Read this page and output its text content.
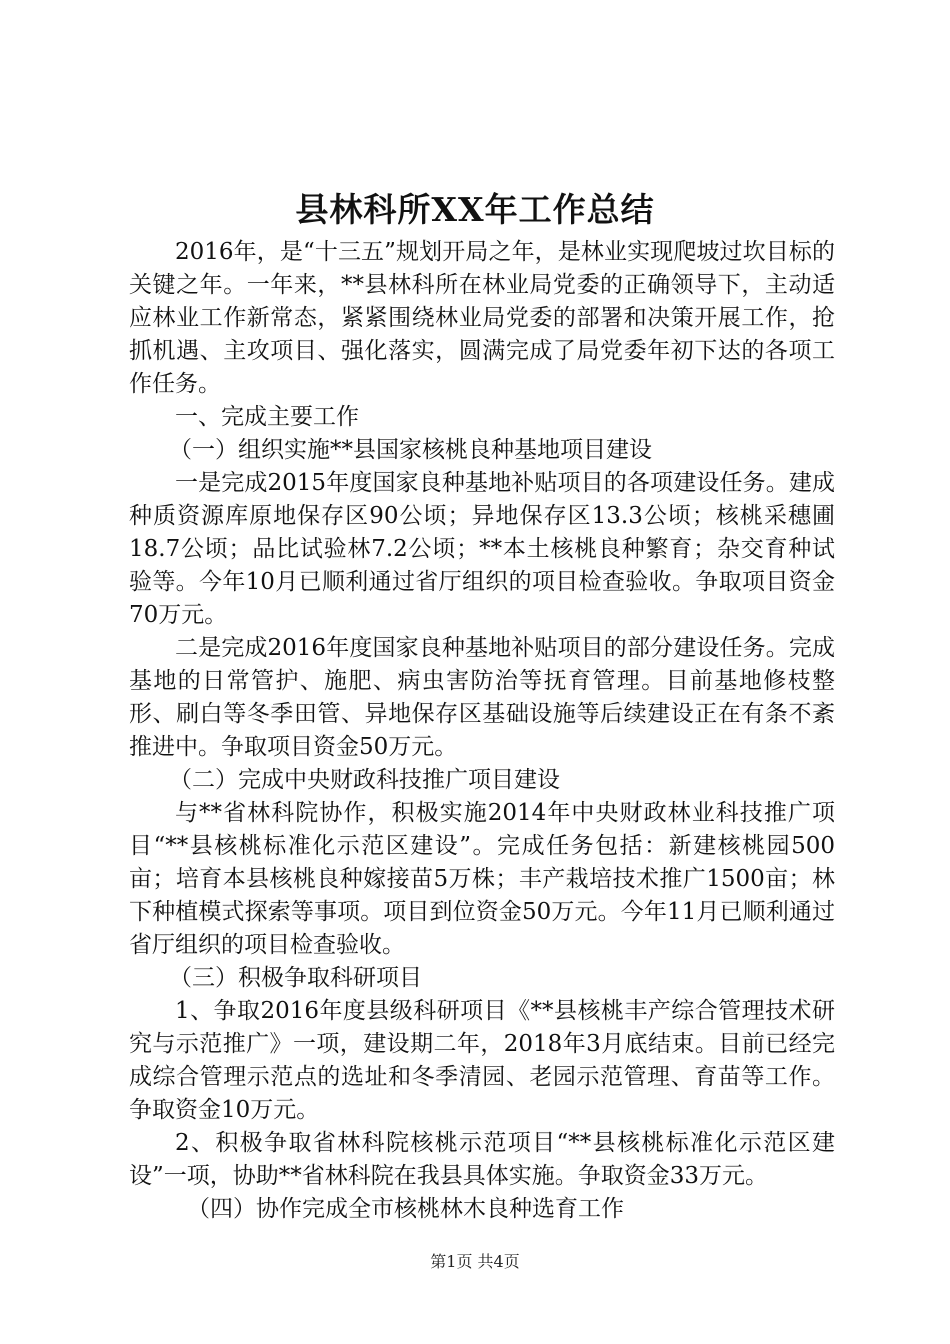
县林科所XX年工作总结

2016年，是“十三五”规划开局之年，是林业实现爬坡过坎目标的关键之年。一年来，**县林科所在林业局党委的正确领导下，主动适应林业工作新常态，紧紧围绕林业局党委的部署和决策开展工作，抢抓机遇、主攻项目、强化落实，圆满完成了局党委年初下达的各项工作任务。

一、完成主要工作

（一）组织实施**县国家核桃良种基地项目建设

一是完成2015年度国家良种基地补贴项目的各项建设任务。建成种质资源库原地保存区90公顷；异地保存区13.3公顷；核桃采穗圃18.7公顷；品比试验林7.2公顷；**本土核桃良种繁育；杂交育种试验等。今年10月已顺利通过省厅组织的项目检查验收。争取项目资金70万元。

二是完成2016年度国家良种基地补贴项目的部分建设任务。完成基地的日常管护、施肥、病虫害防治等抚育管理。目前基地修枝整形、刷白等冬季田管、异地保存区基础设施等后续建设正在有条不紊推进中。争取项目资金50万元。

（二）完成中央财政科技推广项目建设

与**省林科院协作，积极实施2014年中央财政林业科技推广项目“**县核桃标准化示范区建设”。完成任务包括：新建核桃园500亩；培育本县核桃良种嫁接苗5万株；丰产栽培技术推广1500亩；林下种植模式探索等事项。项目到位资金50万元。今年11月已顺利通过省厅组织的项目检查验收。

（三）积极争取科研项目

1、争取2016年度县级科研项目《**县核桃丰产综合管理技术研究与示范推广》一项，建设期二年，2018年3月底结束。目前已经完成综合管理示范点的选址和冬季清园、老园示范管理、育苗等工作。争取资金10万元。

2、积极争取省林科院核桃示范项目“**县核桃标准化示范区建设”一项，协助**省林科院在我县具体实施。争取资金33万元。

（四）协作完成全市核桃林木良种选育工作

第1页 共4页
